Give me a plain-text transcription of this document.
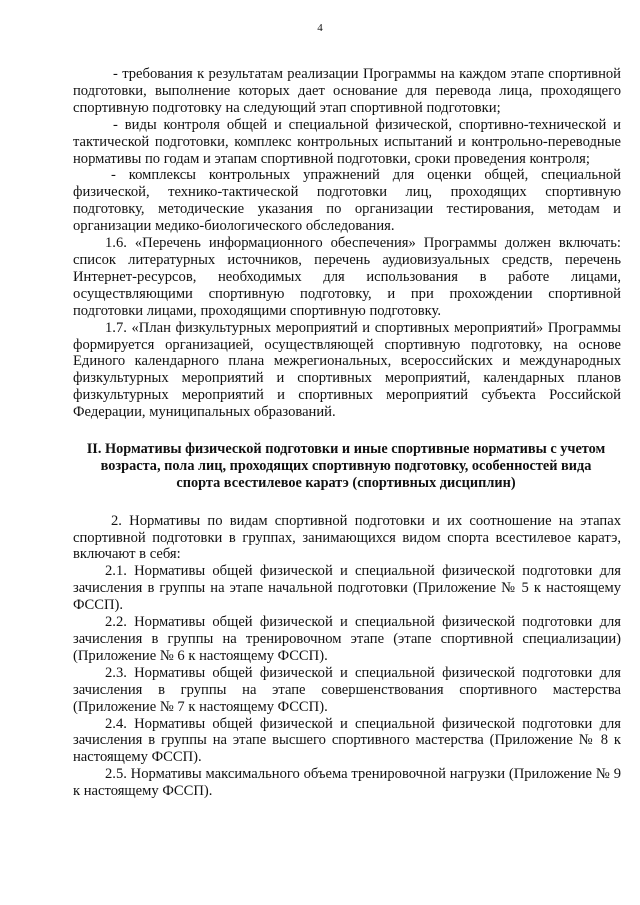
4

- требования к результатам реализации Программы на каждом этапе спортивной подготовки, выполнение которых дает основание для перевода лица, проходящего спортивную подготовку на следующий этап спортивной подготовки;

- виды контроля общей и специальной физической, спортивно-технической и тактической подготовки, комплекс контрольных испытаний и контрольно-переводные нормативы по годам и этапам спортивной подготовки, сроки проведения контроля;

- комплексы контрольных упражнений для оценки общей, специальной физической, технико-тактической подготовки лиц, проходящих спортивную подготовку, методические указания по организации тестирования, методам и организации медико-биологического обследования.

1.6. «Перечень информационного обеспечения» Программы должен включать: список литературных источников, перечень аудиовизуальных средств, перечень Интернет-ресурсов, необходимых для использования в работе лицами, осуществляющими спортивную подготовку, и при прохождении спортивной подготовки лицами, проходящими спортивную подготовку.

1.7. «План физкультурных мероприятий и спортивных мероприятий» Программы формируется организацией, осуществляющей спортивную подготовку, на основе Единого календарного плана межрегиональных, всероссийских и международных физкультурных мероприятий и спортивных мероприятий, календарных планов физкультурных мероприятий и спортивных мероприятий субъекта Российской Федерации, муниципальных образований.

II. Нормативы физической подготовки и иные спортивные нормативы с учетом возраста, пола лиц, проходящих спортивную подготовку, особенностей вида спорта всестилевое каратэ (спортивных дисциплин)

2. Нормативы по видам спортивной подготовки и их соотношение на этапах спортивной подготовки в группах, занимающихся видом спорта всестилевое каратэ, включают в себя:

2.1. Нормативы общей физической и специальной физической подготовки для зачисления в группы на этапе начальной подготовки (Приложение № 5 к настоящему ФССП).

2.2. Нормативы общей физической и специальной физической подготовки для зачисления в группы на тренировочном этапе (этапе спортивной специализации) (Приложение № 6 к настоящему ФССП).

2.3. Нормативы общей физической и специальной физической подготовки для зачисления в группы на этапе совершенствования спортивного мастерства (Приложение № 7 к настоящему ФССП).

2.4. Нормативы общей физической и специальной физической подготовки для зачисления в группы на этапе высшего спортивного мастерства (Приложение № 8 к настоящему ФССП).

2.5. Нормативы максимального объема тренировочной нагрузки (Приложение № 9 к настоящему ФССП).
